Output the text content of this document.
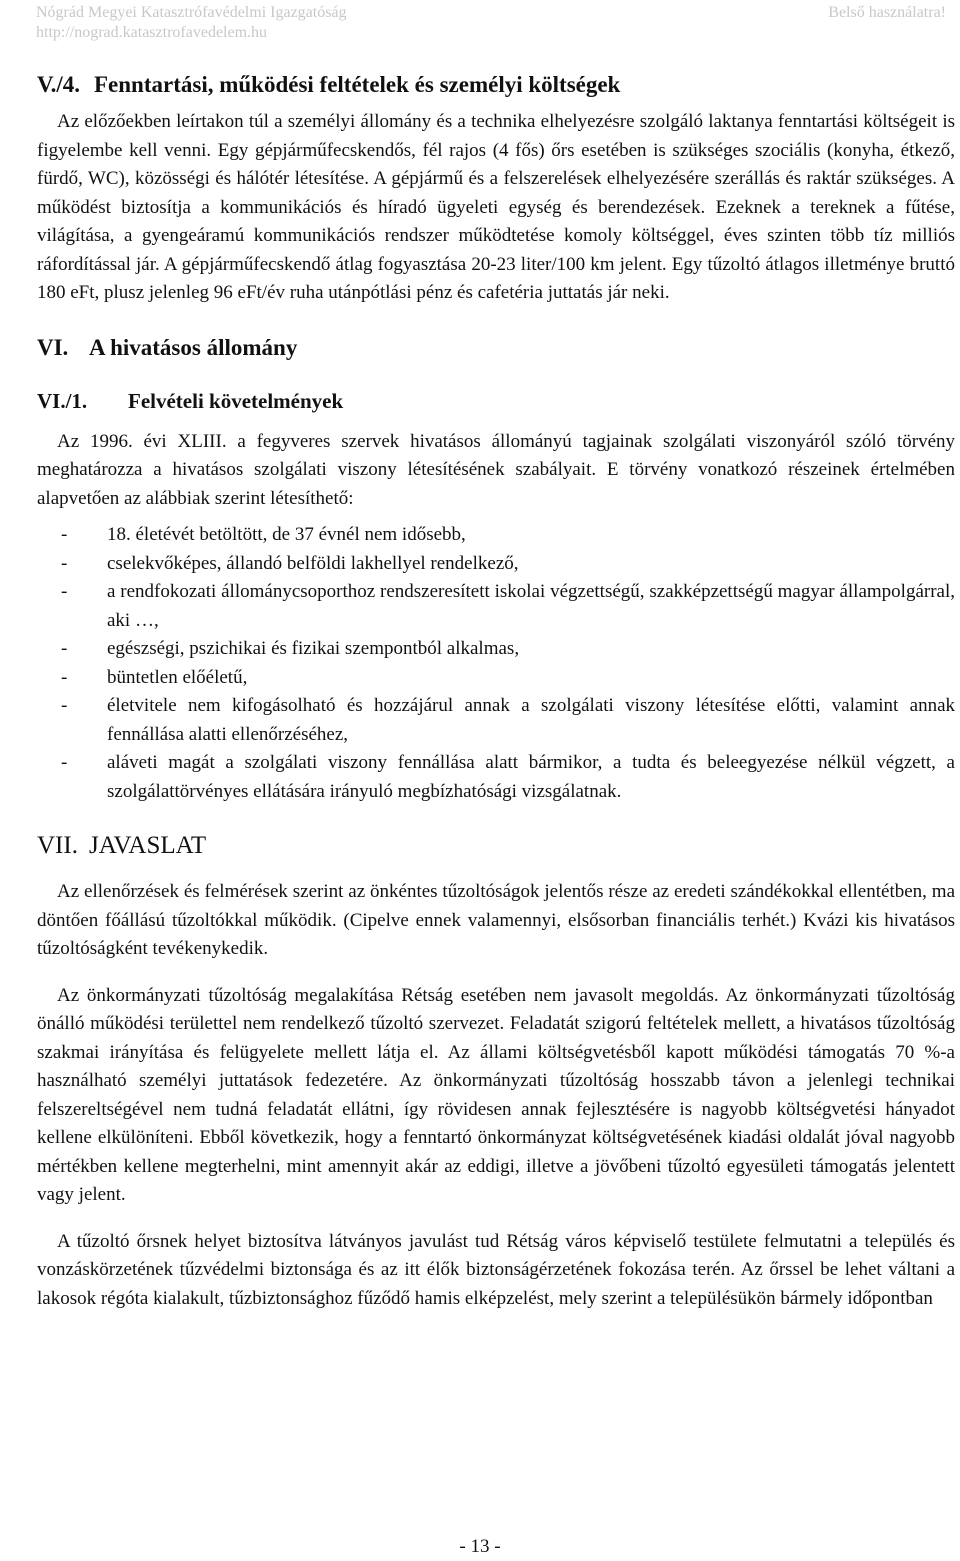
Nógrád Megyei Katasztrófavédelmi Igazgatóság	Belső használatra!
http://nograd.katasztrofavedelem.hu
V./4. Fenntartási, működési feltételek és személyi költségek

Az előzőekben leírtakon túl a személyi állomány és a technika elhelyezésre szolgáló laktanya fenntartási költségeit is figyelembe kell venni. Egy gépjárműfecskendős, fél rajos (4 fős) őrs esetében is szükséges szociális (konyha, étkező, fürdő, WC), közösségi és hálótér létesítése. A gépjármű és a felszerelések elhelyezésére szerállás és raktár szükséges. A működést biztosítja a kommunikációs és híradó ügyeleti egység és berendezések. Ezeknek a tereknek a fűtése, világítása, a gyengeáramú kommunikációs rendszer működtetése komoly költséggel, éves szinten több tíz milliós ráfordítással jár. A gépjárműfecskendő átlag fogyasztása 20-23 liter/100 km jelent. Egy tűzoltó átlagos illetménye bruttó 180 eFt, plusz jelenleg 96 eFt/év ruha utánpótlási pénz és cafetéria juttatás jár neki.

VI. A hivatásos állomány
VI./1.	Felvételi követelmények

Az 1996. évi XLIII. a fegyveres szervek hivatásos állományú tagjainak szolgálati viszonyáról szóló törvény meghatározza a hivatásos szolgálati viszony létesítésének szabályait. E törvény vonatkozó részeinek értelmében alapvetően az alábbiak szerint létesíthető:

-	18. életévét betöltött, de 37 évnél nem idősebb,
-	cselekvőképes, állandó belföldi lakhellyel rendelkező,
-	a rendfokozati állománycsoporthoz rendszeresített iskolai végzettségű, szakképzettségű magyar állampolgárral, aki …,
-	egészségi, pszichikai és fizikai szempontból alkalmas,
-	büntetlen előéletű,
-	életvitele nem kifogásolható és hozzájárul annak a szolgálati viszony létesítése előtti, valamint annak fennállása alatti ellenőrzéséhez,
-	aláveti magát a szolgálati viszony fennállása alatt bármikor, a tudta és beleegyezése nélkül végzett, a szolgálattörvényes ellátására irányuló megbízhatósági vizsgálatnak.
VII. JAVASLAT

Az ellenőrzések és felmérések szerint az önkéntes tűzoltóságok jelentős része az eredeti szándékokkal ellentétben, ma döntően főállású tűzoltókkal működik. (Cipelve ennek valamennyi, elsősorban financiális terhét.) Kvázi kis hivatásos tűzoltóságként tevékenykedik.

Az önkormányzati tűzoltóság megalakítása Rétság esetében nem javasolt megoldás. Az önkormányzati tűzoltóság önálló működési területtel nem rendelkező tűzoltó szervezet. Feladatát szigorú feltételek mellett, a hivatásos tűzoltóság szakmai irányítása és felügyelete mellett látja el. Az állami költségvetésből kapott működési támogatás 70 %-a használható személyi juttatások fedezetére. Az önkormányzati tűzoltóság hosszabb távon a jelenlegi technikai felszereltségével nem tudná feladatát ellátni, így rövidesen annak fejlesztésére is nagyobb költségvetési hányadot kellene elkülöníteni. Ebből következik, hogy a fenntartó önkormányzat költségvetésének kiadási oldalát jóval nagyobb mértékben kellene megterhelni, mint amennyit akár az eddigi, illetve a jövőbeni tűzoltó egyesületi támogatás jelentett vagy jelent.

A tűzoltó őrsnek helyet biztosítva látványos javulást tud Rétság város képviselő testülete felmutatni a település és vonzáskörzetének tűzvédelmi biztonsága és az itt élők biztonságérzetének fokozása terén. Az őrssel be lehet váltani a lakosok régóta kialakult, tűzbiztonsághoz fűződő hamis elképzelést, mely szerint a településükön bármely időpontban

- 13 -
